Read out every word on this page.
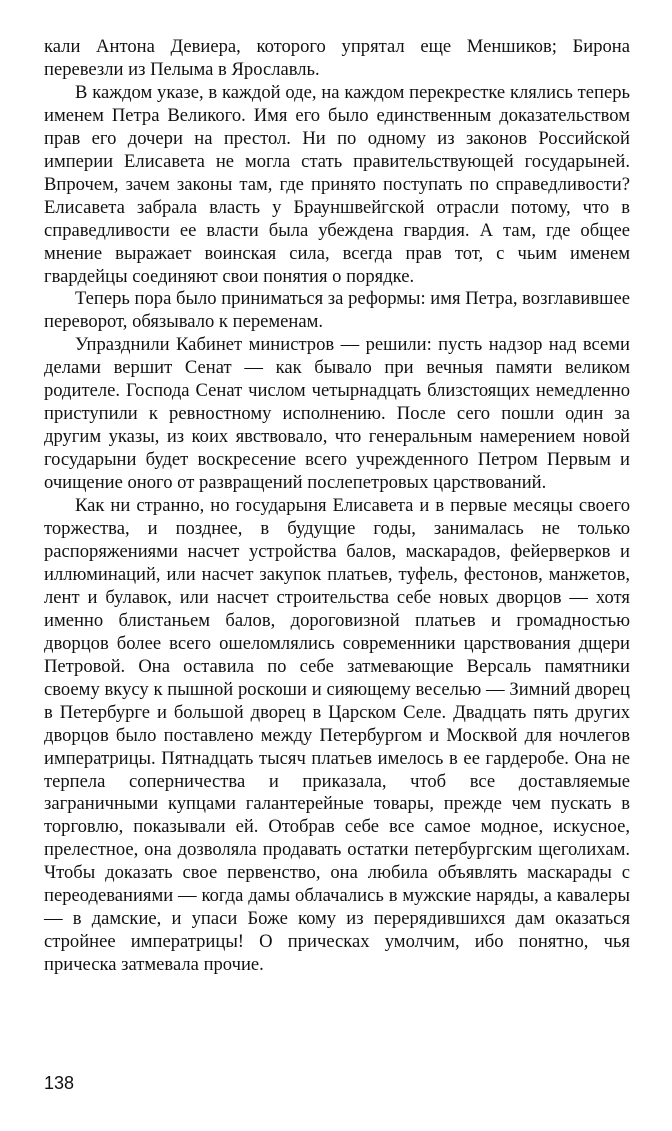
кали Антона Девиера, которого упрятал еще Меншиков; Бирона перевезли из Пелыма в Ярославль.

В каждом указе, в каждой оде, на каждом перекрестке клялись теперь именем Петра Великого. Имя его было единственным доказательством прав его дочери на престол. Ни по одному из законов Российской империи Елисавета не могла стать правительствующей государыней. Впрочем, зачем законы там, где принято поступать по справедливости? Елисавета забрала власть у Брауншвейгской отрасли потому, что в справедливости ее власти была убеждена гвардия. А там, где общее мнение выражает воинская сила, всегда прав тот, с чьим именем гвардейцы соединяют свои понятия о порядке.

Теперь пора было приниматься за реформы: имя Петра, возглавившее переворот, обязывало к переменам.

Упразднили Кабинет министров — решили: пусть надзор над всеми делами вершит Сенат — как бывало при вечныя памяти великом родителе. Господа Сенат числом четырнадцать близстоящих немедленно приступили к ревностному исполнению. После сего пошли один за другим указы, из коих явствовало, что генеральным намерением новой государыни будет воскресение всего учрежденного Петром Первым и очищение оного от развращений послепетровых царствований.

Как ни странно, но государыня Елисавета и в первые месяцы своего торжества, и позднее, в будущие годы, занималась не только распоряжениями насчет устройства балов, маскарадов, фейерверков и иллюминаций, или насчет закупок платьев, туфель, фестонов, манжетов, лент и булавок, или насчет строительства себе новых дворцов — хотя именно блистаньем балов, дороговизной платьев и громадностью дворцов более всего ошеломлялись современники царствования дщери Петровой. Она оставила по себе затмевающие Версаль памятники своему вкусу к пышной роскоши и сияющему веселью — Зимний дворец в Петербурге и большой дворец в Царском Селе. Двадцать пять других дворцов было поставлено между Петербургом и Москвой для ночлегов императрицы. Пятнадцать тысяч платьев имелось в ее гардеробе. Она не терпела соперничества и приказала, чтоб все доставляемые заграничными купцами галантерейные товары, прежде чем пускать в торговлю, показывали ей. Отобрав себе все самое модное, искусное, прелестное, она дозволяла продавать остатки петербургским щеголихам. Чтобы доказать свое первенство, она любила объявлять маскарады с переодеваниями — когда дамы облачались в мужские наряды, а кавалеры — в дамские, и упаси Боже кому из перерядившихся дам оказаться стройнее императрицы! О прическах умолчим, ибо понятно, чья прическа затмевала прочие.

138
